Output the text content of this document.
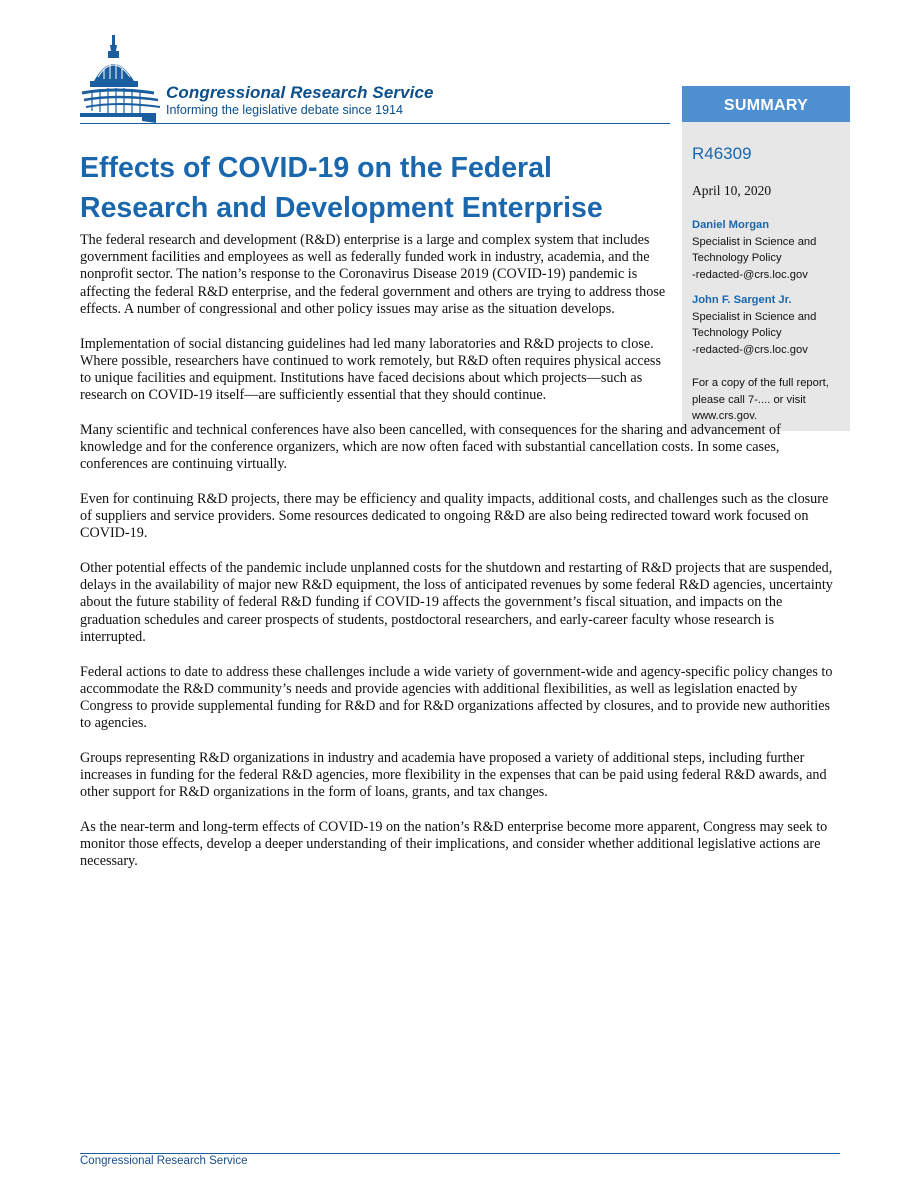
Congressional Research Service

Informing the legislative debate since 1914

Effects of COVID-19 on the Federal Research and Development Enterprise
SUMMARY

R46309

April 10, 2020

Daniel Morgan
Specialist in Science and Technology Policy
-redacted-@crs.loc.gov
John F. Sargent Jr.
Specialist in Science and Technology Policy
-redacted-@crs.loc.gov
For a copy of the full report, please call 7-.... or visit www.crs.gov.

The federal research and development (R&D) enterprise is a large and complex system that includes government facilities and employees as well as federally funded work in industry, academia, and the nonprofit sector. The nation’s response to the Coronavirus Disease 2019 (COVID-19) pandemic is affecting the federal R&D enterprise, and the federal government and others are trying to address those effects. A number of congressional and other policy issues may arise as the situation develops.

Implementation of social distancing guidelines had led many laboratories and R&D projects to close. Where possible, researchers have continued to work remotely, but R&D often requires physical access to unique facilities and equipment. Institutions have faced decisions about which projects—such as research on COVID-19 itself—are sufficiently essential that they should continue.

Many scientific and technical conferences have also been cancelled, with consequences for the sharing and advancement of knowledge and for the conference organizers, which are now often faced with substantial cancellation costs. In some cases, conferences are continuing virtually.

Even for continuing R&D projects, there may be efficiency and quality impacts, additional costs, and challenges such as the closure of suppliers and service providers. Some resources dedicated to ongoing R&D are also being redirected toward work focused on COVID-19.

Other potential effects of the pandemic include unplanned costs for the shutdown and restarting of R&D projects that are suspended, delays in the availability of major new R&D equipment, the loss of anticipated revenues by some federal R&D agencies, uncertainty about the future stability of federal R&D funding if COVID-19 affects the government’s fiscal situation, and impacts on the graduation schedules and career prospects of students, postdoctoral researchers, and early-career faculty whose research is interrupted.

Federal actions to date to address these challenges include a wide variety of government-wide and agency-specific policy changes to accommodate the R&D community’s needs and provide agencies with additional flexibilities, as well as legislation enacted by Congress to provide supplemental funding for R&D and for R&D organizations affected by closures, and to provide new authorities to agencies.

Groups representing R&D organizations in industry and academia have proposed a variety of additional steps, including further increases in funding for the federal R&D agencies, more flexibility in the expenses that can be paid using federal R&D awards, and other support for R&D organizations in the form of loans, grants, and tax changes.

As the near-term and long-term effects of COVID-19 on the nation’s R&D enterprise become more apparent, Congress may seek to monitor those effects, develop a deeper understanding of their implications, and consider whether additional legislative actions are necessary.

Congressional Research Service
